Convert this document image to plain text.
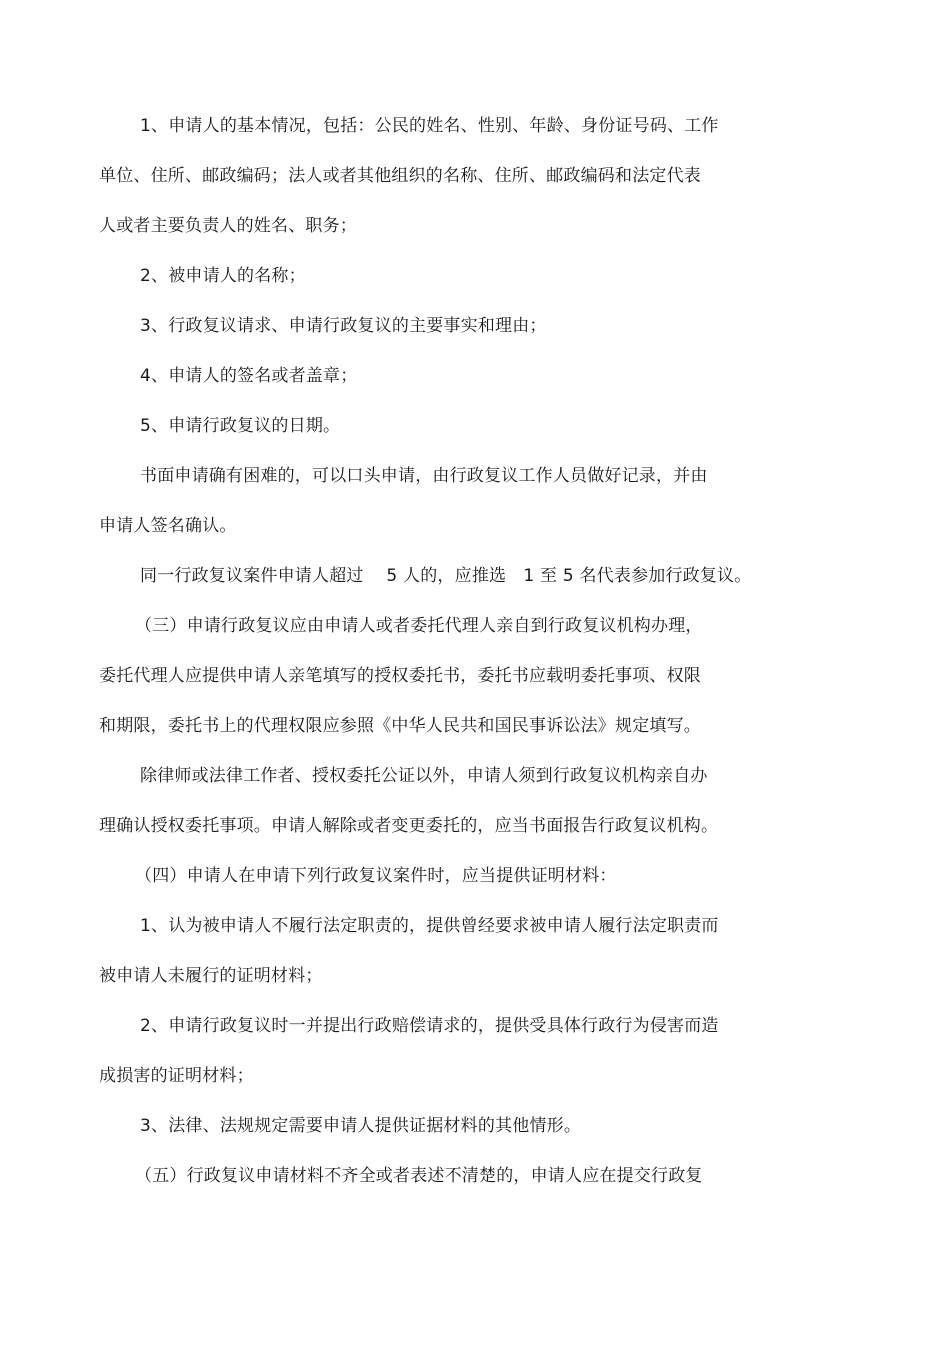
1、申请人的基本情况，包括：公民的姓名、性别、年龄、身份证号码、工作
单位、住所、邮政编码；法人或者其他组织的名称、住所、邮政编码和法定代表
人或者主要负责人的姓名、职务；
2、被申请人的名称；
3、行政复议请求、申请行政复议的主要事实和理由；
4、申请人的签名或者盖章；
5、申请行政复议的日期。
书面申请确有困难的，可以口头申请，由行政复议工作人员做好记录，并由
申请人签名确认。
同一行政复议案件申请人超过　 5 人的，应推选　1 至 5 名代表参加行政复议。
（三）申请行政复议应由申请人或者委托代理人亲自到行政复议机构办理，
委托代理人应提供申请人亲笔填写的授权委托书，委托书应载明委托事项、权限
和期限，委托书上的代理权限应参照《中华人民共和国民事诉讼法》规定填写。
除律师或法律工作者、授权委托公证以外，申请人须到行政复议机构亲自办
理确认授权委托事项。申请人解除或者变更委托的，应当书面报告行政复议机构。
（四）申请人在申请下列行政复议案件时，应当提供证明材料：
1、认为被申请人不履行法定职责的，提供曾经要求被申请人履行法定职责而
被申请人未履行的证明材料；
2、申请行政复议时一并提出行政赔偿请求的，提供受具体行政行为侵害而造
成损害的证明材料；
3、法律、法规规定需要申请人提供证据材料的其他情形。
（五）行政复议申请材料不齐全或者表述不清楚的，申请人应在提交行政复
